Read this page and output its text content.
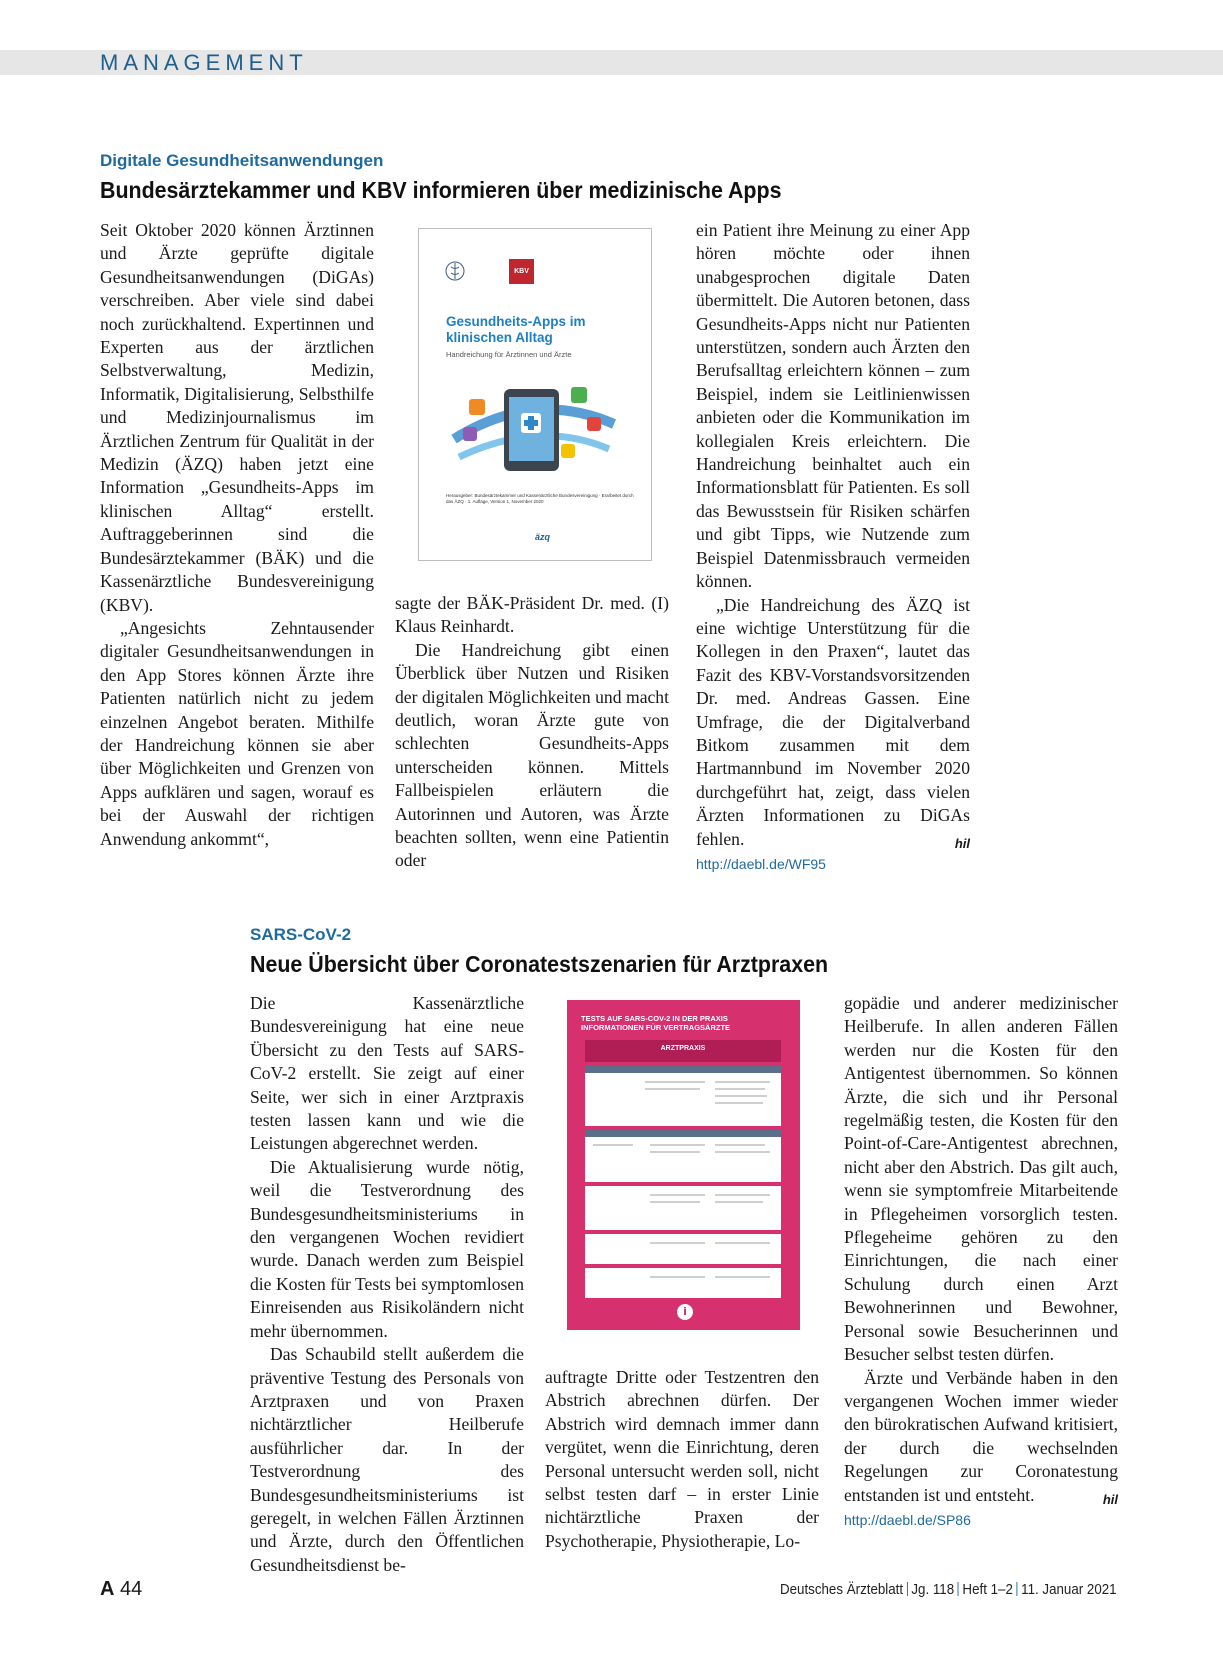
MANAGEMENT
Digitale Gesundheitsanwendungen
Bundesärztekammer und KBV informieren über medizinische Apps

Seit Oktober 2020 können Ärztinnen und Ärzte geprüfte digitale Gesundheitsanwendungen (DiGAs) verschreiben. Aber viele sind dabei noch zurückhaltend. Expertinnen und Experten aus der ärztlichen Selbstverwaltung, Medizin, Informatik, Digitalisierung, Selbsthilfe und Medizinjournalismus im Ärztlichen Zentrum für Qualität in der Medizin (ÄZQ) haben jetzt eine Information „Gesundheits-Apps im klinischen Alltag“ erstellt. Auftraggeberinnen sind die Bundesärztekammer (BÄK) und die Kassenärztliche Bundesvereinigung (KBV).

„Angesichts Zehntausender digitaler Gesundheitsanwendungen in den App Stores können Ärzte ihre Patienten natürlich nicht zu jedem einzelnen Angebot beraten. Mithilfe der Handreichung können sie aber über Möglichkeiten und Grenzen von Apps aufklären und sagen, worauf es bei der Auswahl der richtigen Anwendung ankommt“,

KBV
Gesundheits-Apps im klinischen Alltag
Handreichung für Ärztinnen und Ärzte
Herausgeber: Bundesärztekammer und Kassenärztliche Bundesvereinigung · Erarbeitet durch das ÄZQ · 1. Auflage, Version 1, November 2020
äzq

sagte der BÄK-Präsident Dr. med. (I) Klaus Reinhardt.

Die Handreichung gibt einen Überblick über Nutzen und Risiken der digitalen Möglichkeiten und macht deutlich, woran Ärzte gute von schlechten Gesundheits-Apps unterscheiden können. Mittels Fallbeispielen erläutern die Autorinnen und Autoren, was Ärzte beachten sollten, wenn eine Patientin oder

ein Patient ihre Meinung zu einer App hören möchte oder ihnen unabgesprochen digitale Daten übermittelt. Die Autoren betonen, dass Gesundheits-Apps nicht nur Patienten unterstützen, sondern auch Ärzten den Berufsalltag erleichtern können – zum Beispiel, indem sie Leitlinienwissen anbieten oder die Kommunikation im kollegialen Kreis erleichtern. Die Handreichung beinhaltet auch ein Informationsblatt für Patienten. Es soll das Bewusstsein für Risiken schärfen und gibt Tipps, wie Nutzende zum Beispiel Datenmissbrauch vermeiden können.

„Die Handreichung des ÄZQ ist eine wichtige Unterstützung für die Kollegen in den Praxen“, lautet das Fazit des KBV-Vorstandsvorsitzenden Dr. med. Andreas Gassen. Eine Umfrage, die der Digitalverband Bitkom zusammen mit dem Hartmannbund im November 2020 durchgeführt hat, zeigt, dass vielen Ärzten Informationen zu DiGAs fehlen.	hil

http://daebl.de/WF95
SARS-CoV-2
Neue Übersicht über Coronatestszenarien für Arztpraxen

Die Kassenärztliche Bundesvereinigung hat eine neue Übersicht zu den Tests auf SARS-CoV-2 erstellt. Sie zeigt auf einer Seite, wer sich in einer Arztpraxis testen lassen kann und wie die Leistungen abgerechnet werden.

Die Aktualisierung wurde nötig, weil die Testverordnung des Bundesgesundheitsministeriums in den vergangenen Wochen revidiert wurde. Danach werden zum Beispiel die Kosten für Tests bei symptomlosen Einreisenden aus Risikoländern nicht mehr übernommen.

Das Schaubild stellt außerdem die präventive Testung des Personals von Arztpraxen und von Praxen nichtärztlicher Heilberufe ausführlicher dar. In der Testverordnung des Bundesgesundheitsministeriums ist geregelt, in welchen Fällen Ärztinnen und Ärzte, durch den Öffentlichen Gesundheitsdienst be-

TESTS AUF SARS-COV-2 IN DER PRAXIS
INFORMATIONEN FÜR VERTRAGSÄRZTE
ARZTPRAXIS
i

auftragte Dritte oder Testzentren den Abstrich abrechnen dürfen. Der Abstrich wird demnach immer dann vergütet, wenn die Einrichtung, deren Personal untersucht werden soll, nicht selbst testen darf – in erster Linie nichtärztliche Praxen der Psychotherapie, Physiotherapie, Lo-

gopädie und anderer medizinischer Heilberufe. In allen anderen Fällen werden nur die Kosten für den Antigentest übernommen. So können Ärzte, die sich und ihr Personal regelmäßig testen, die Kosten für den Point-of-Care-Antigentest abrechnen, nicht aber den Abstrich. Das gilt auch, wenn sie symptomfreie Mitarbeitende in Pflegeheimen vorsorglich testen. Pflegeheime gehören zu den Einrichtungen, die nach einer Schulung durch einen Arzt Bewohnerinnen und Bewohner, Personal sowie Besucherinnen und Besucher selbst testen dürfen.

Ärzte und Verbände haben in den vergangenen Wochen immer wieder den bürokratischen Aufwand kritisiert, der durch die wechselnden Regelungen zur Coronatestung entstanden ist und entsteht.	hil

http://daebl.de/SP86
A 44	Deutsches Ärzteblatt Jg. 118 Heft 1–2 11. Januar 2021
